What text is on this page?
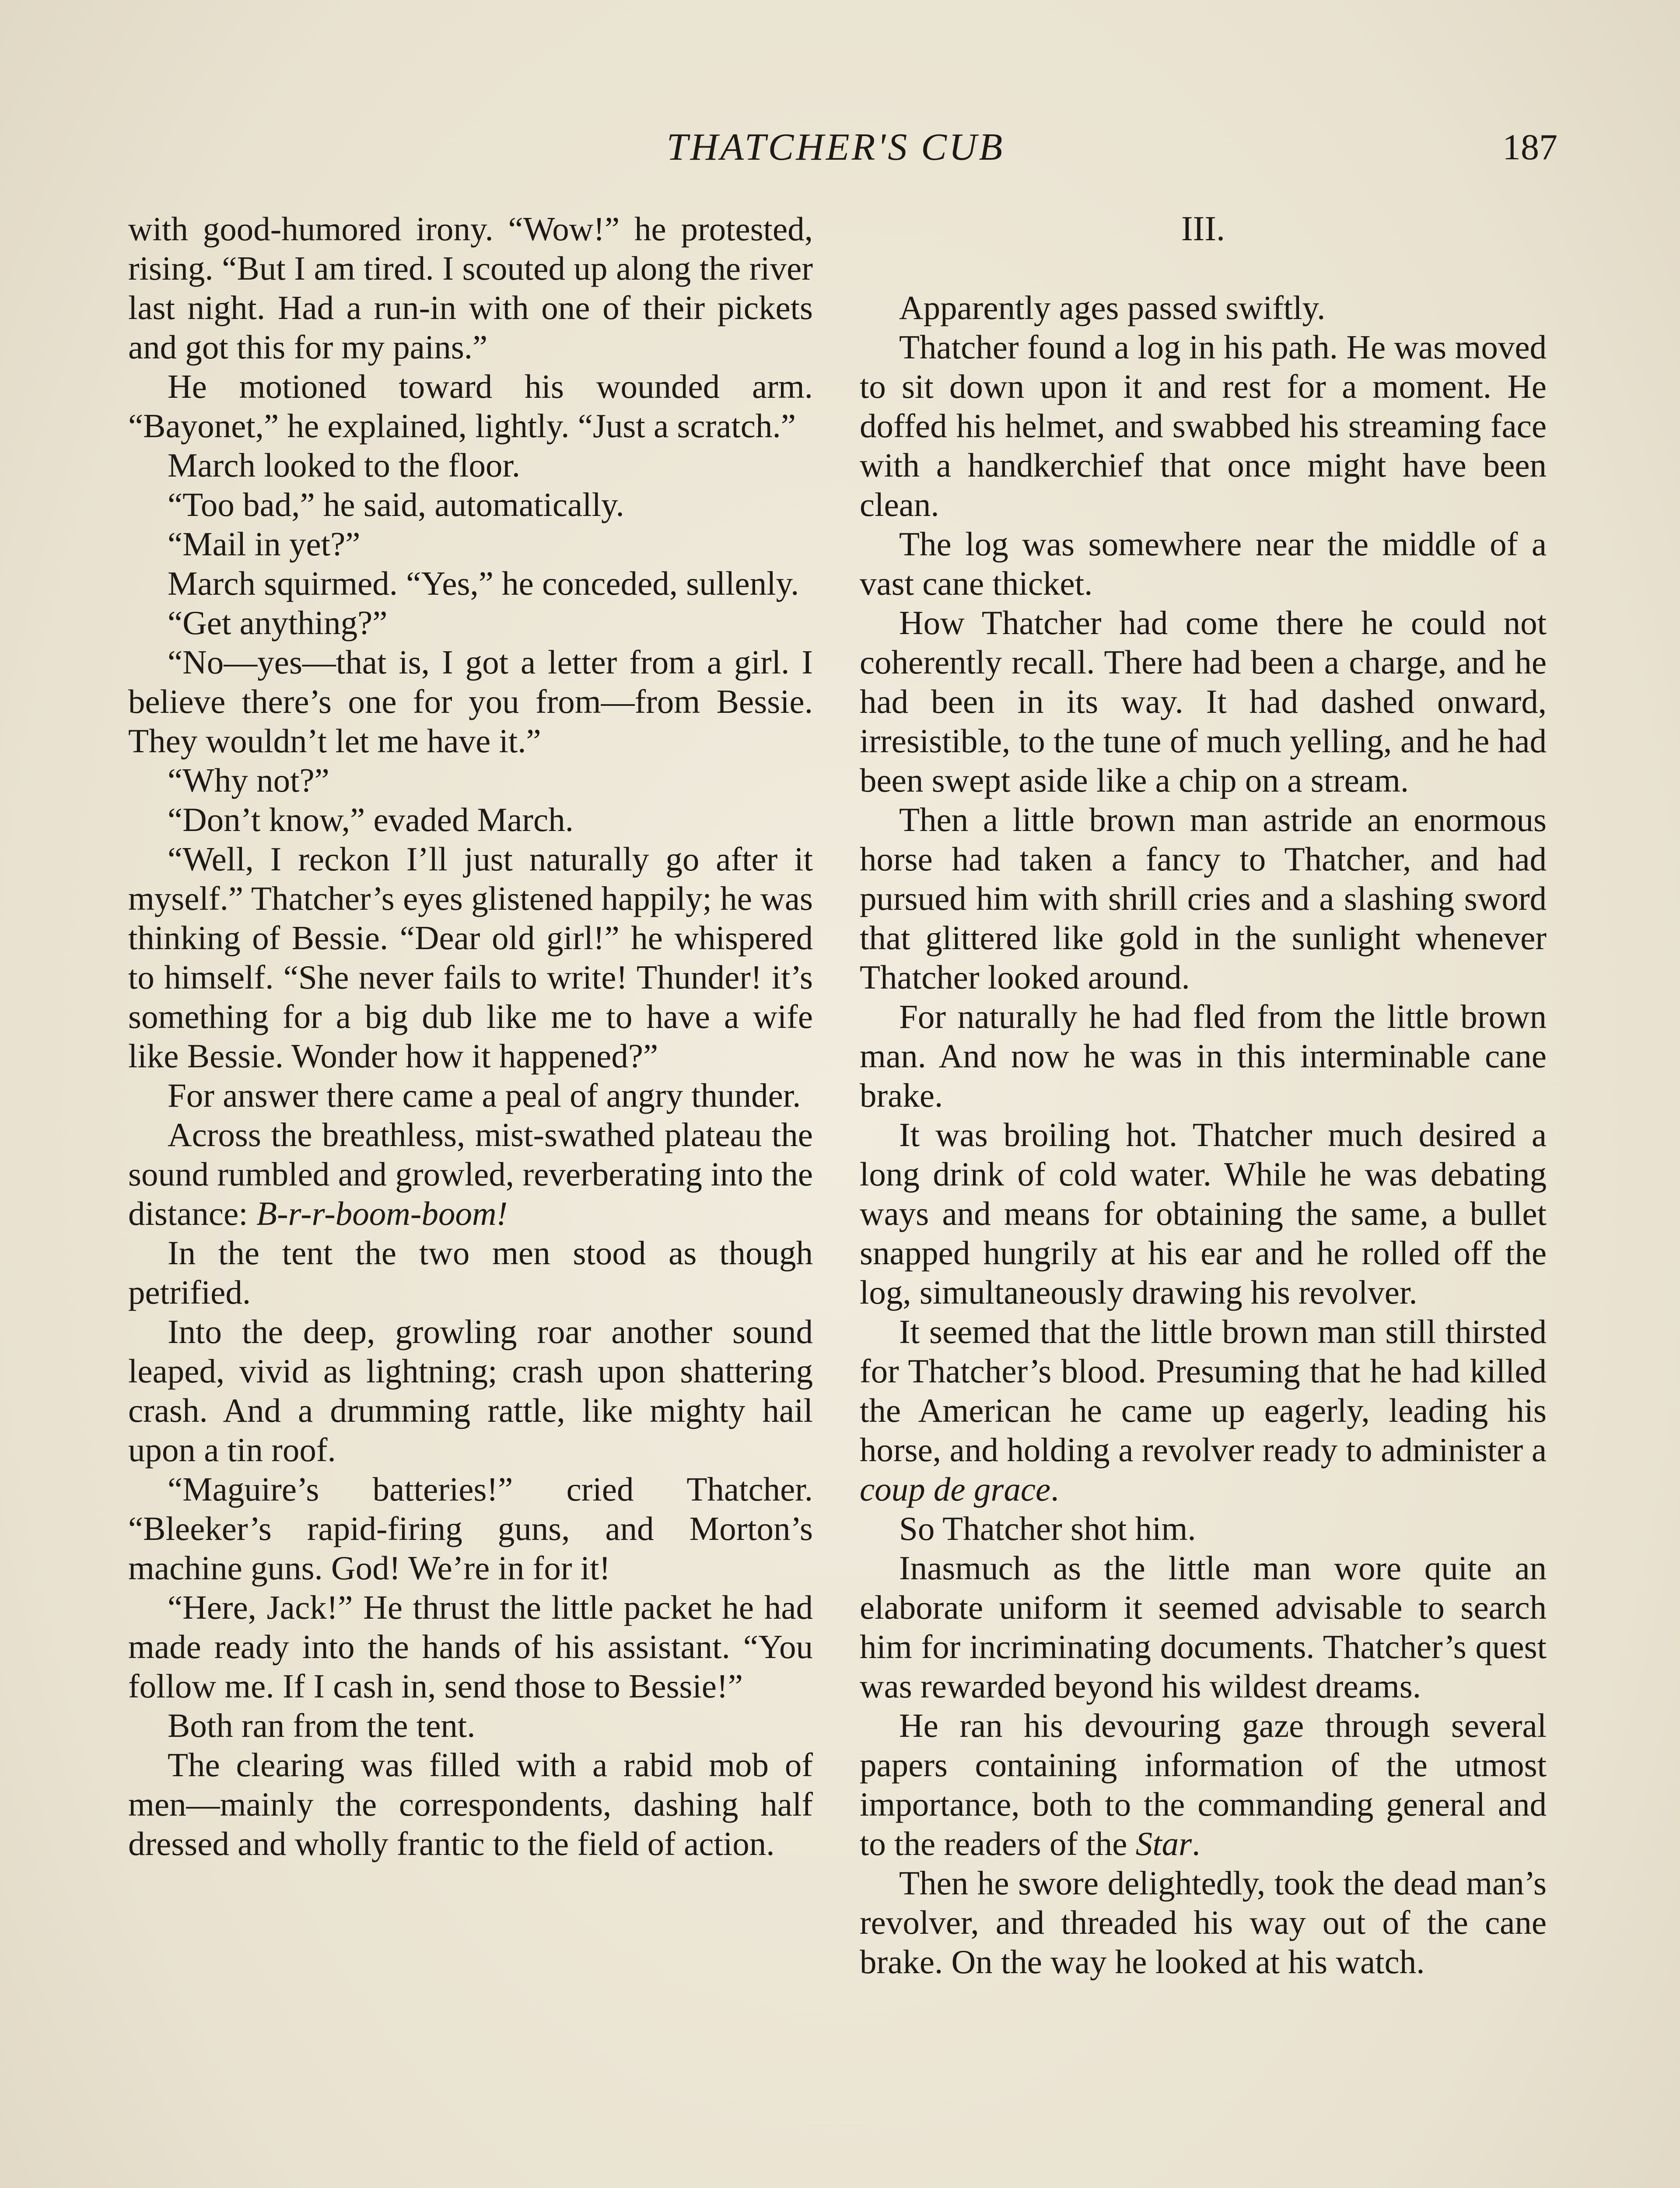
THATCHER'S CUB	187

with good-humored irony. “Wow!” he protested, rising. “But I am tired. I scouted up along the river last night. Had a run-in with one of their pickets and got this for my pains.”

He motioned toward his wounded arm. “Bayonet,” he explained, lightly. “Just a scratch.”

March looked to the floor.

“Too bad,” he said, automatically.

“Mail in yet?”

March squirmed. “Yes,” he conceded, sullenly.

“Get anything?”

“No—yes—that is, I got a letter from a girl. I believe there’s one for you from—from Bessie. They wouldn’t let me have it.”

“Why not?”

“Don’t know,” evaded March.

“Well, I reckon I’ll just naturally go after it myself.” Thatcher’s eyes glistened happily; he was thinking of Bessie. “Dear old girl!” he whispered to himself. “She never fails to write! Thunder! it’s something for a big dub like me to have a wife like Bessie. Wonder how it happened?”

For answer there came a peal of angry thunder.

Across the breathless, mist-swathed plateau the sound rumbled and growled, reverberating into the distance: B-r-r-boom-boom!

In the tent the two men stood as though petrified.

Into the deep, growling roar another sound leaped, vivid as lightning; crash upon shattering crash. And a drumming rattle, like mighty hail upon a tin roof.

“Maguire’s batteries!” cried Thatcher. “Bleeker’s rapid-firing guns, and Morton’s machine guns. God! We’re in for it!

“Here, Jack!” He thrust the little packet he had made ready into the hands of his assistant. “You follow me. If I cash in, send those to Bessie!”

Both ran from the tent.

The clearing was filled with a rabid mob of men—mainly the correspondents, dashing half dressed and wholly frantic to the field of action.

III.

Apparently ages passed swiftly.

Thatcher found a log in his path. He was moved to sit down upon it and rest for a moment. He doffed his helmet, and swabbed his streaming face with a handkerchief that once might have been clean.

The log was somewhere near the middle of a vast cane thicket.

How Thatcher had come there he could not coherently recall. There had been a charge, and he had been in its way. It had dashed onward, irresistible, to the tune of much yelling, and he had been swept aside like a chip on a stream.

Then a little brown man astride an enormous horse had taken a fancy to Thatcher, and had pursued him with shrill cries and a slashing sword that glittered like gold in the sunlight whenever Thatcher looked around.

For naturally he had fled from the little brown man. And now he was in this interminable cane brake.

It was broiling hot. Thatcher much desired a long drink of cold water. While he was debating ways and means for obtaining the same, a bullet snapped hungrily at his ear and he rolled off the log, simultaneously drawing his revolver.

It seemed that the little brown man still thirsted for Thatcher’s blood. Presuming that he had killed the American he came up eagerly, leading his horse, and holding a revolver ready to administer a coup de grace.

So Thatcher shot him.

Inasmuch as the little man wore quite an elaborate uniform it seemed advisable to search him for incriminating documents. Thatcher’s quest was rewarded beyond his wildest dreams.

He ran his devouring gaze through several papers containing information of the utmost importance, both to the commanding general and to the readers of the Star.

Then he swore delightedly, took the dead man’s revolver, and threaded his way out of the cane brake. On the way he looked at his watch.
